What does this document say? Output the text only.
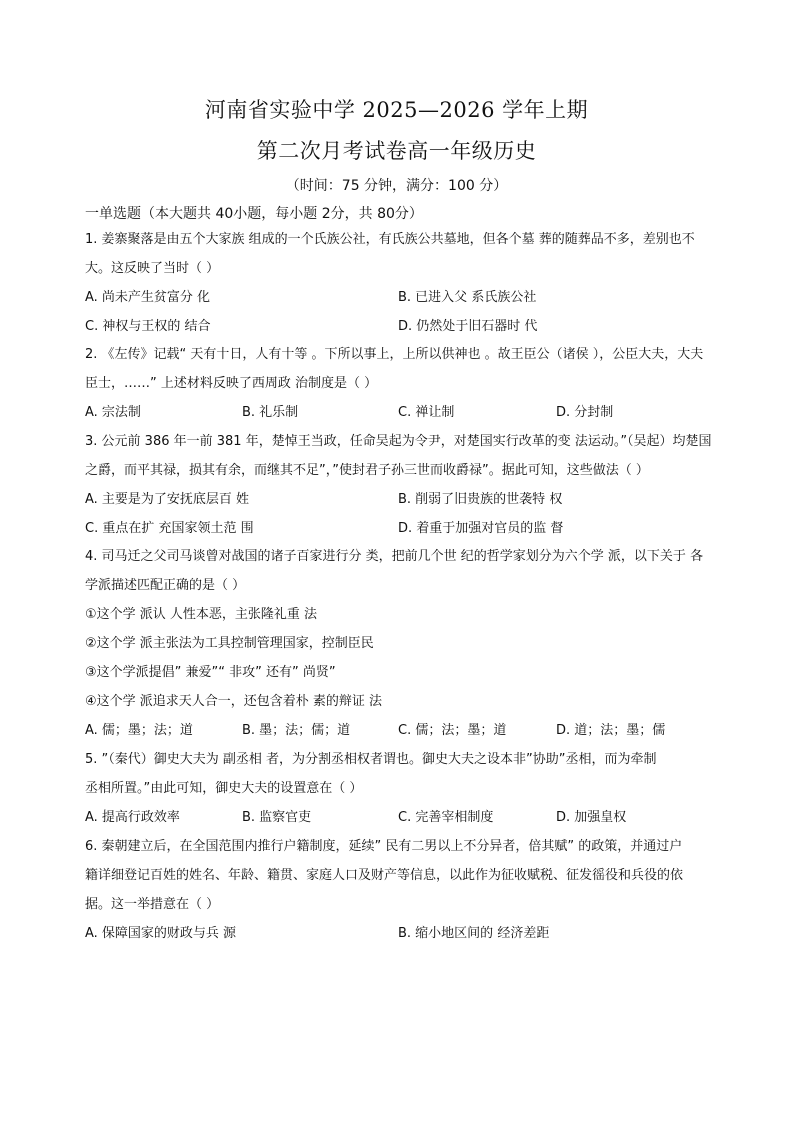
河南省实验中学 2025—2026 学年上期
第二次月考试卷高一年级历史
（时间：75 分钟，满分：100 分）
一单选题（本大题共 40小题，每小题 2分，共 80分）
1. 姜寨聚落是由五个大家族 组成的一个氏族公社，有氏族公共墓地，但各个墓 葬的随葬品不多，差别也不
大。这反映了当时（ ）
A. 尚未产生贫富分 化	B. 已进入父 系氏族公社
C. 神权与王权的 结合	D. 仍然处于旧石器时 代
2. 《左传》记载“ 天有十日，人有十等 。下所以事上，上所以供神也 。故王臣公（诸侯 ），公臣大夫，大夫
臣士，……” 上述材料反映了西周政 治制度是（ ）
A. 宗法制	B. 礼乐制	C. 禅让制	D. 分封制
3. 公元前 386 年一前 381 年，楚悼王当政，任命吴起为令尹，对楚国实行改革的变 法运动。”（吴起）均楚国
之爵，而平其禄，损其有余，而继其不足”，”使封君子孙三世而收爵禄”。据此可知，这些做法（ ）
A. 主要是为了安抚底层百 姓	B. 削弱了旧贵族的世袭特 权
C. 重点在扩 充国家领土范 围	D. 着重于加强对官员的监 督
4. 司马迁之父司马谈曾对战国的诸子百家进行分 类，把前几个世 纪的哲学家划分为六个学 派，以下关于 各
学派描述匹配正确的是（ ）
①这个学 派认 人性本恶，主张隆礼重 法
②这个学 派主张法为工具控制管理国家，控制臣民
③这个学派提倡” 兼爱”“ 非攻” 还有” 尚贤”
④这个学 派追求天人合一，还包含着朴 素的辩证 法
A. 儒；墨；法；道	B. 墨；法；儒；道	C. 儒；法；墨；道	D. 道；法；墨；儒
5. ”（秦代）御史大夫为 副丞相 者，为分割丞相权者谓也。御史大夫之设本非”协助”丞相，而为牵制
丞相所置。”由此可知，御史大夫的设置意在（ ）
A. 提高行政效率	B. 监察官吏	C. 完善宰相制度	D. 加强皇权
6. 秦朝建立后，在全国范围内推行户籍制度，延续” 民有二男以上不分异者，倍其赋” 的政策，并通过户
籍详细登记百姓的姓名、年龄、籍贯、家庭人口及财产等信息，以此作为征收赋税、征发徭役和兵役的依
据。这一举措意在（ ）
A. 保障国家的财政与兵 源	B. 缩小地区间的 经济差距
